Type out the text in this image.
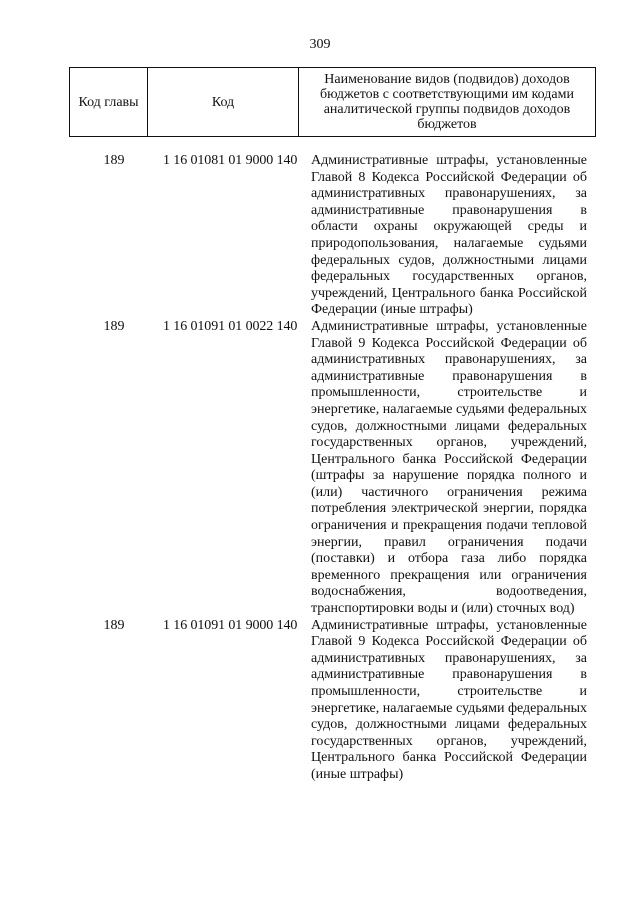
309
Код главы	Код	Наименование видов (подвидов) доходов бюджетов с соответствующими им кодами аналитической группы подвидов доходов бюджетов
189	1 16 01081 01 9000 140 Административные штрафы, установленные Главой 8 Кодекса Российской Федерации об административных правонарушениях, за административные правонарушения в области охраны окружающей среды и природопользования, налагаемые судьями федеральных судов, должностными лицами федеральных государственных органов, учреждений, Центрального банка Российской Федерации (иные штрафы)
189	1 16 01091 01 0022 140 Административные штрафы, установленные Главой 9 Кодекса Российской Федерации об административных правонарушениях, за административные правонарушения в промышленности, строительстве и энергетике, налагаемые судьями федеральных судов, должностными лицами федеральных государственных органов, учреждений, Центрального банка Российской Федерации (штрафы за нарушение порядка полного и (или) частичного ограничения режима потребления электрической энергии, порядка ограничения и прекращения подачи тепловой энергии, правил ограничения подачи (поставки) и отбора газа либо порядка временного прекращения или ограничения водоснабжения, водоотведения, транспортировки воды и (или) сточных вод)
189	1 16 01091 01 9000 140 Административные штрафы, установленные Главой 9 Кодекса Российской Федерации об административных правонарушениях, за административные правонарушения в промышленности, строительстве и энергетике, налагаемые судьями федеральных судов, должностными лицами федеральных государственных органов, учреждений, Центрального банка Российской Федерации (иные штрафы)
